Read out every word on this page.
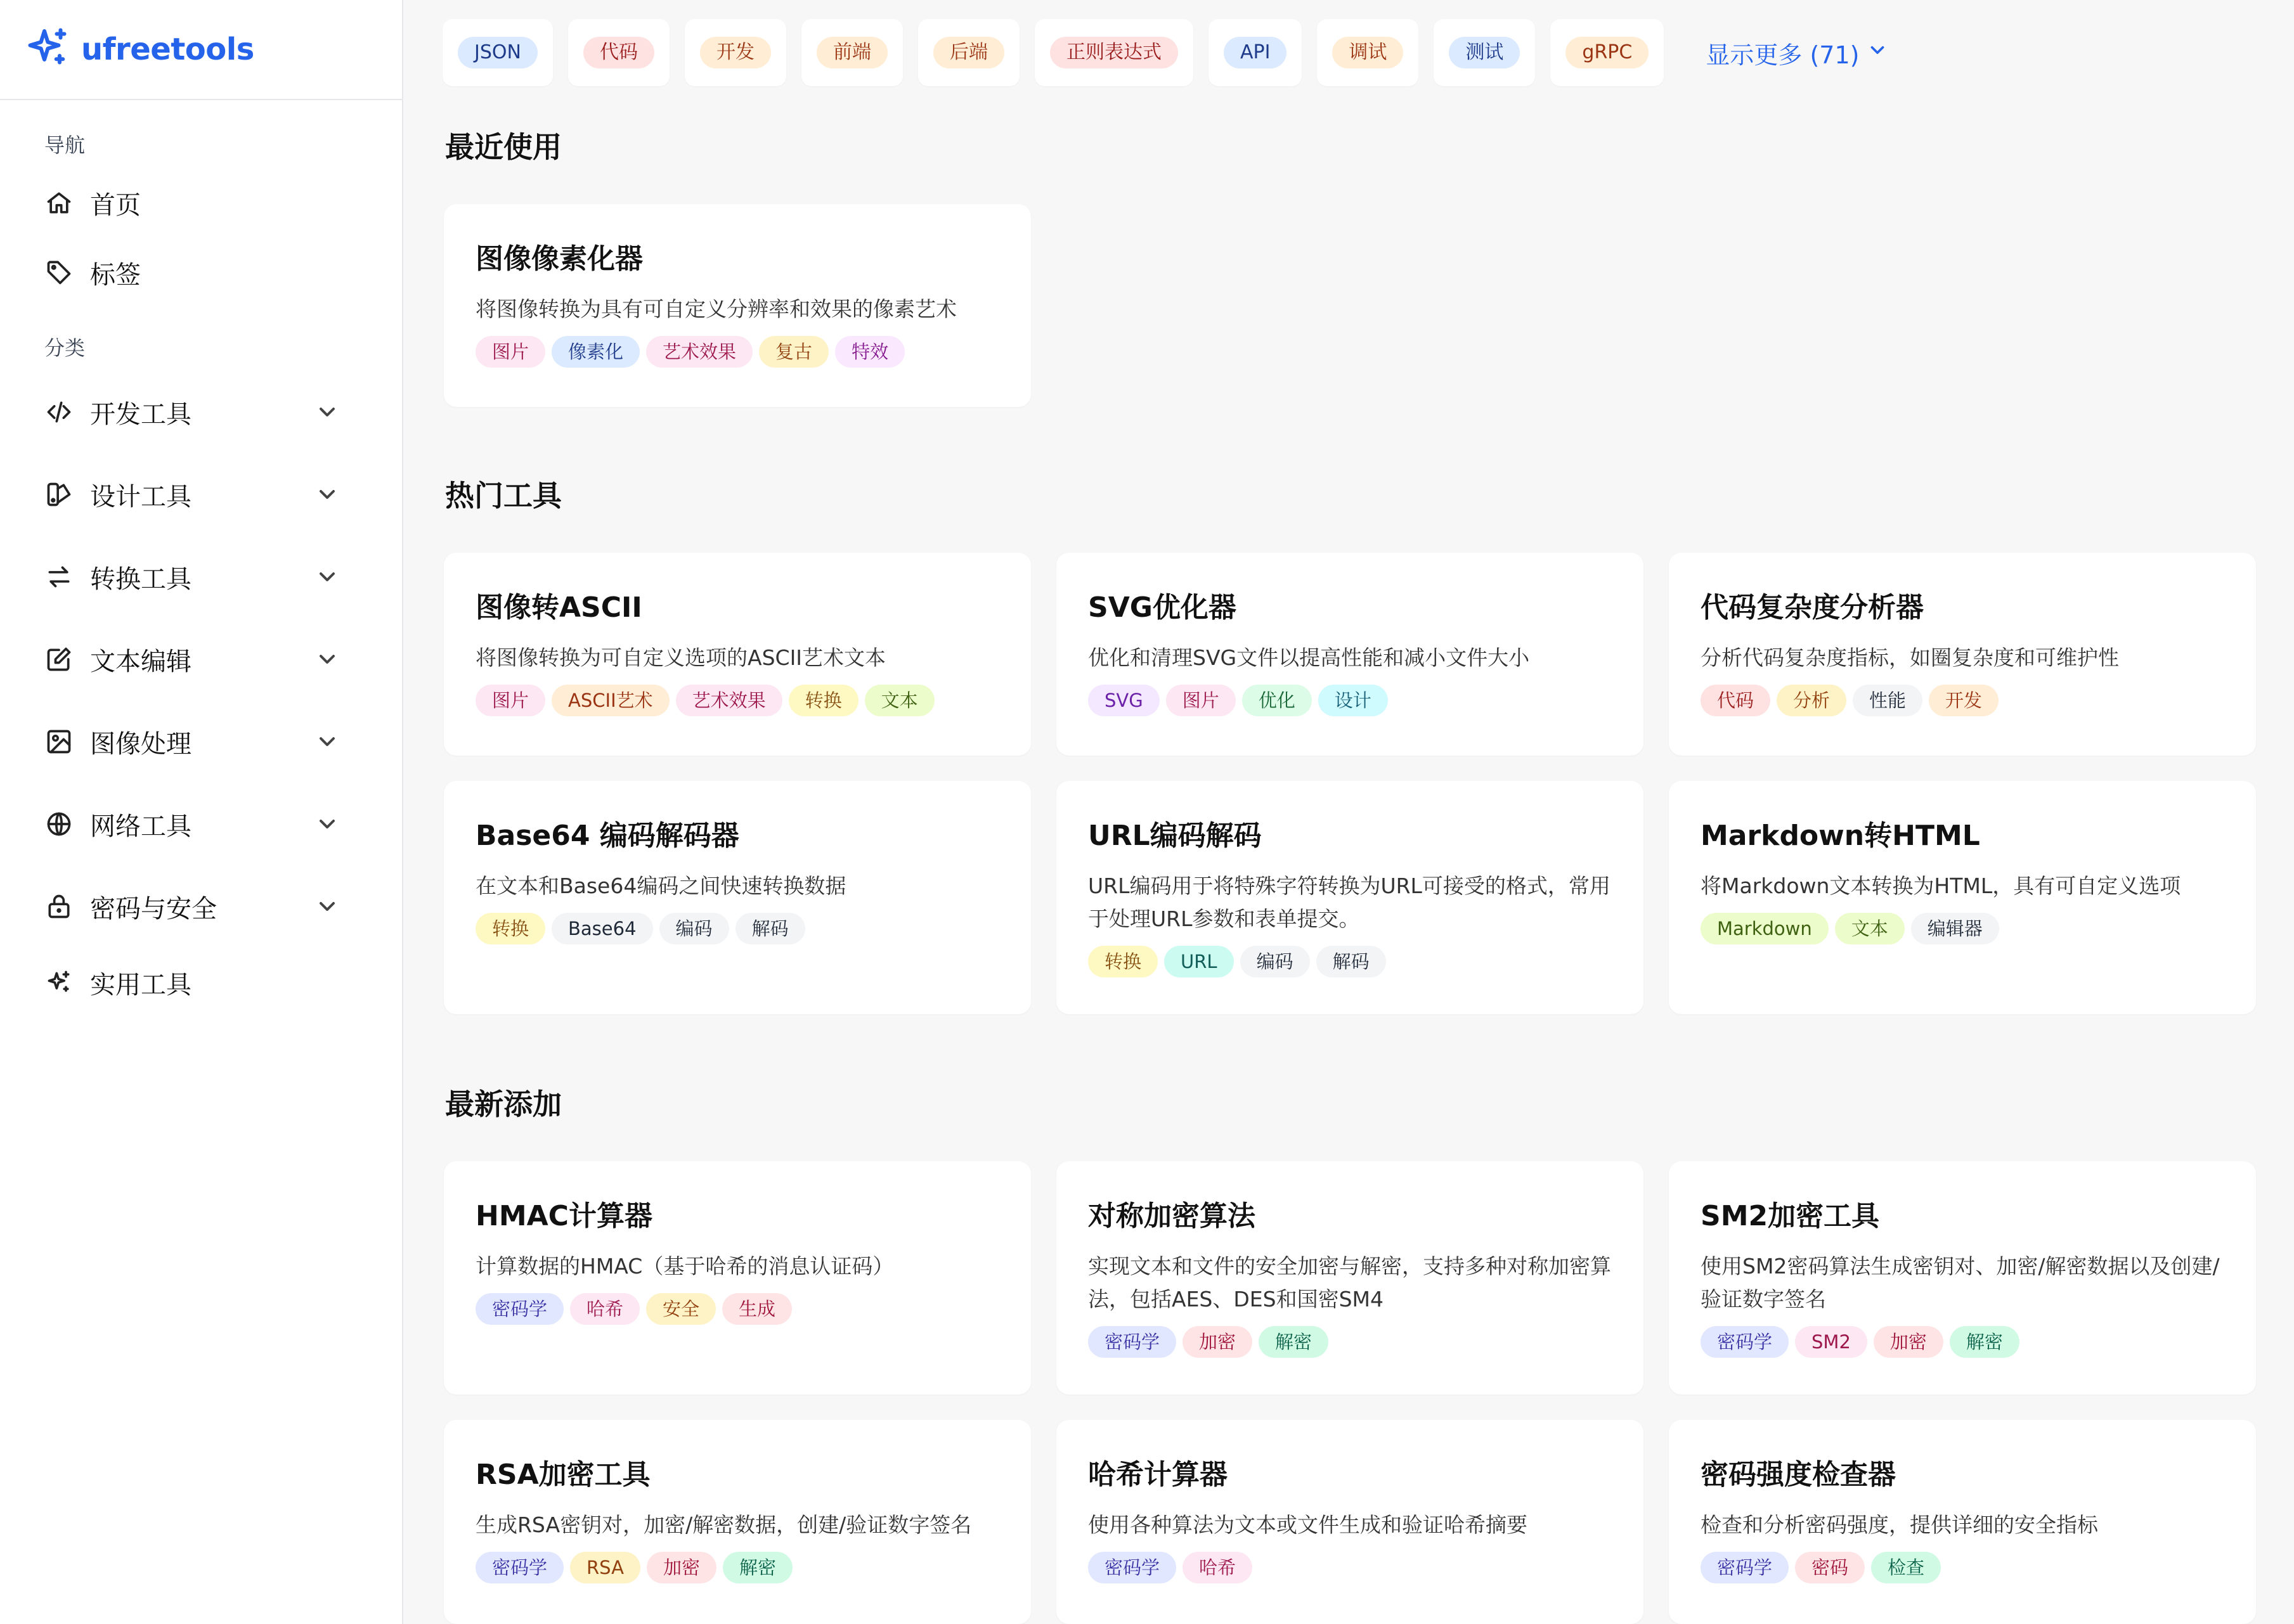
ufreetools
导航
首页
标签
分类
开发工具
设计工具
转换工具
文本编辑
图像处理
网络工具
密码与安全
实用工具
JSON	代码	开发	前端	后端	正则表达式	API	调试	测试	gRPC	显示更多 (71)
最近使用
图像像素化器
将图像转换为具有可自定义分辨率和效果的像素艺术
图片	像素化	艺术效果	复古	特效
热门工具
图像转ASCII
将图像转换为可自定义选项的ASCII艺术文本
图片	ASCII艺术	艺术效果	转换	文本
SVG优化器
优化和清理SVG文件以提高性能和减小文件大小
SVG	图片	优化	设计
代码复杂度分析器
分析代码复杂度指标，如圈复杂度和可维护性
代码	分析	性能	开发
Base64 编码解码器
在文本和Base64编码之间快速转换数据
转换	Base64	编码	解码
URL编码解码
URL编码用于将特殊字符转换为URL可接受的格式，常用于处理URL参数和表单提交。
转换	URL	编码	解码
Markdown转HTML
将Markdown文本转换为HTML，具有可自定义选项
Markdown	文本	编辑器
最新添加
HMAC计算器
计算数据的HMAC（基于哈希的消息认证码）
密码学	哈希	安全	生成
对称加密算法
实现文本和文件的安全加密与解密，支持多种对称加密算法，包括AES、DES和国密SM4
密码学	加密	解密
SM2加密工具
使用SM2密码算法生成密钥对、加密/解密数据以及创建/验证数字签名
密码学	SM2	加密	解密
RSA加密工具
生成RSA密钥对，加密/解密数据，创建/验证数字签名
密码学	RSA	加密	解密
哈希计算器
使用各种算法为文本或文件生成和验证哈希摘要
密码学	哈希
密码强度检查器
检查和分析密码强度，提供详细的安全指标
密码学	密码	检查
